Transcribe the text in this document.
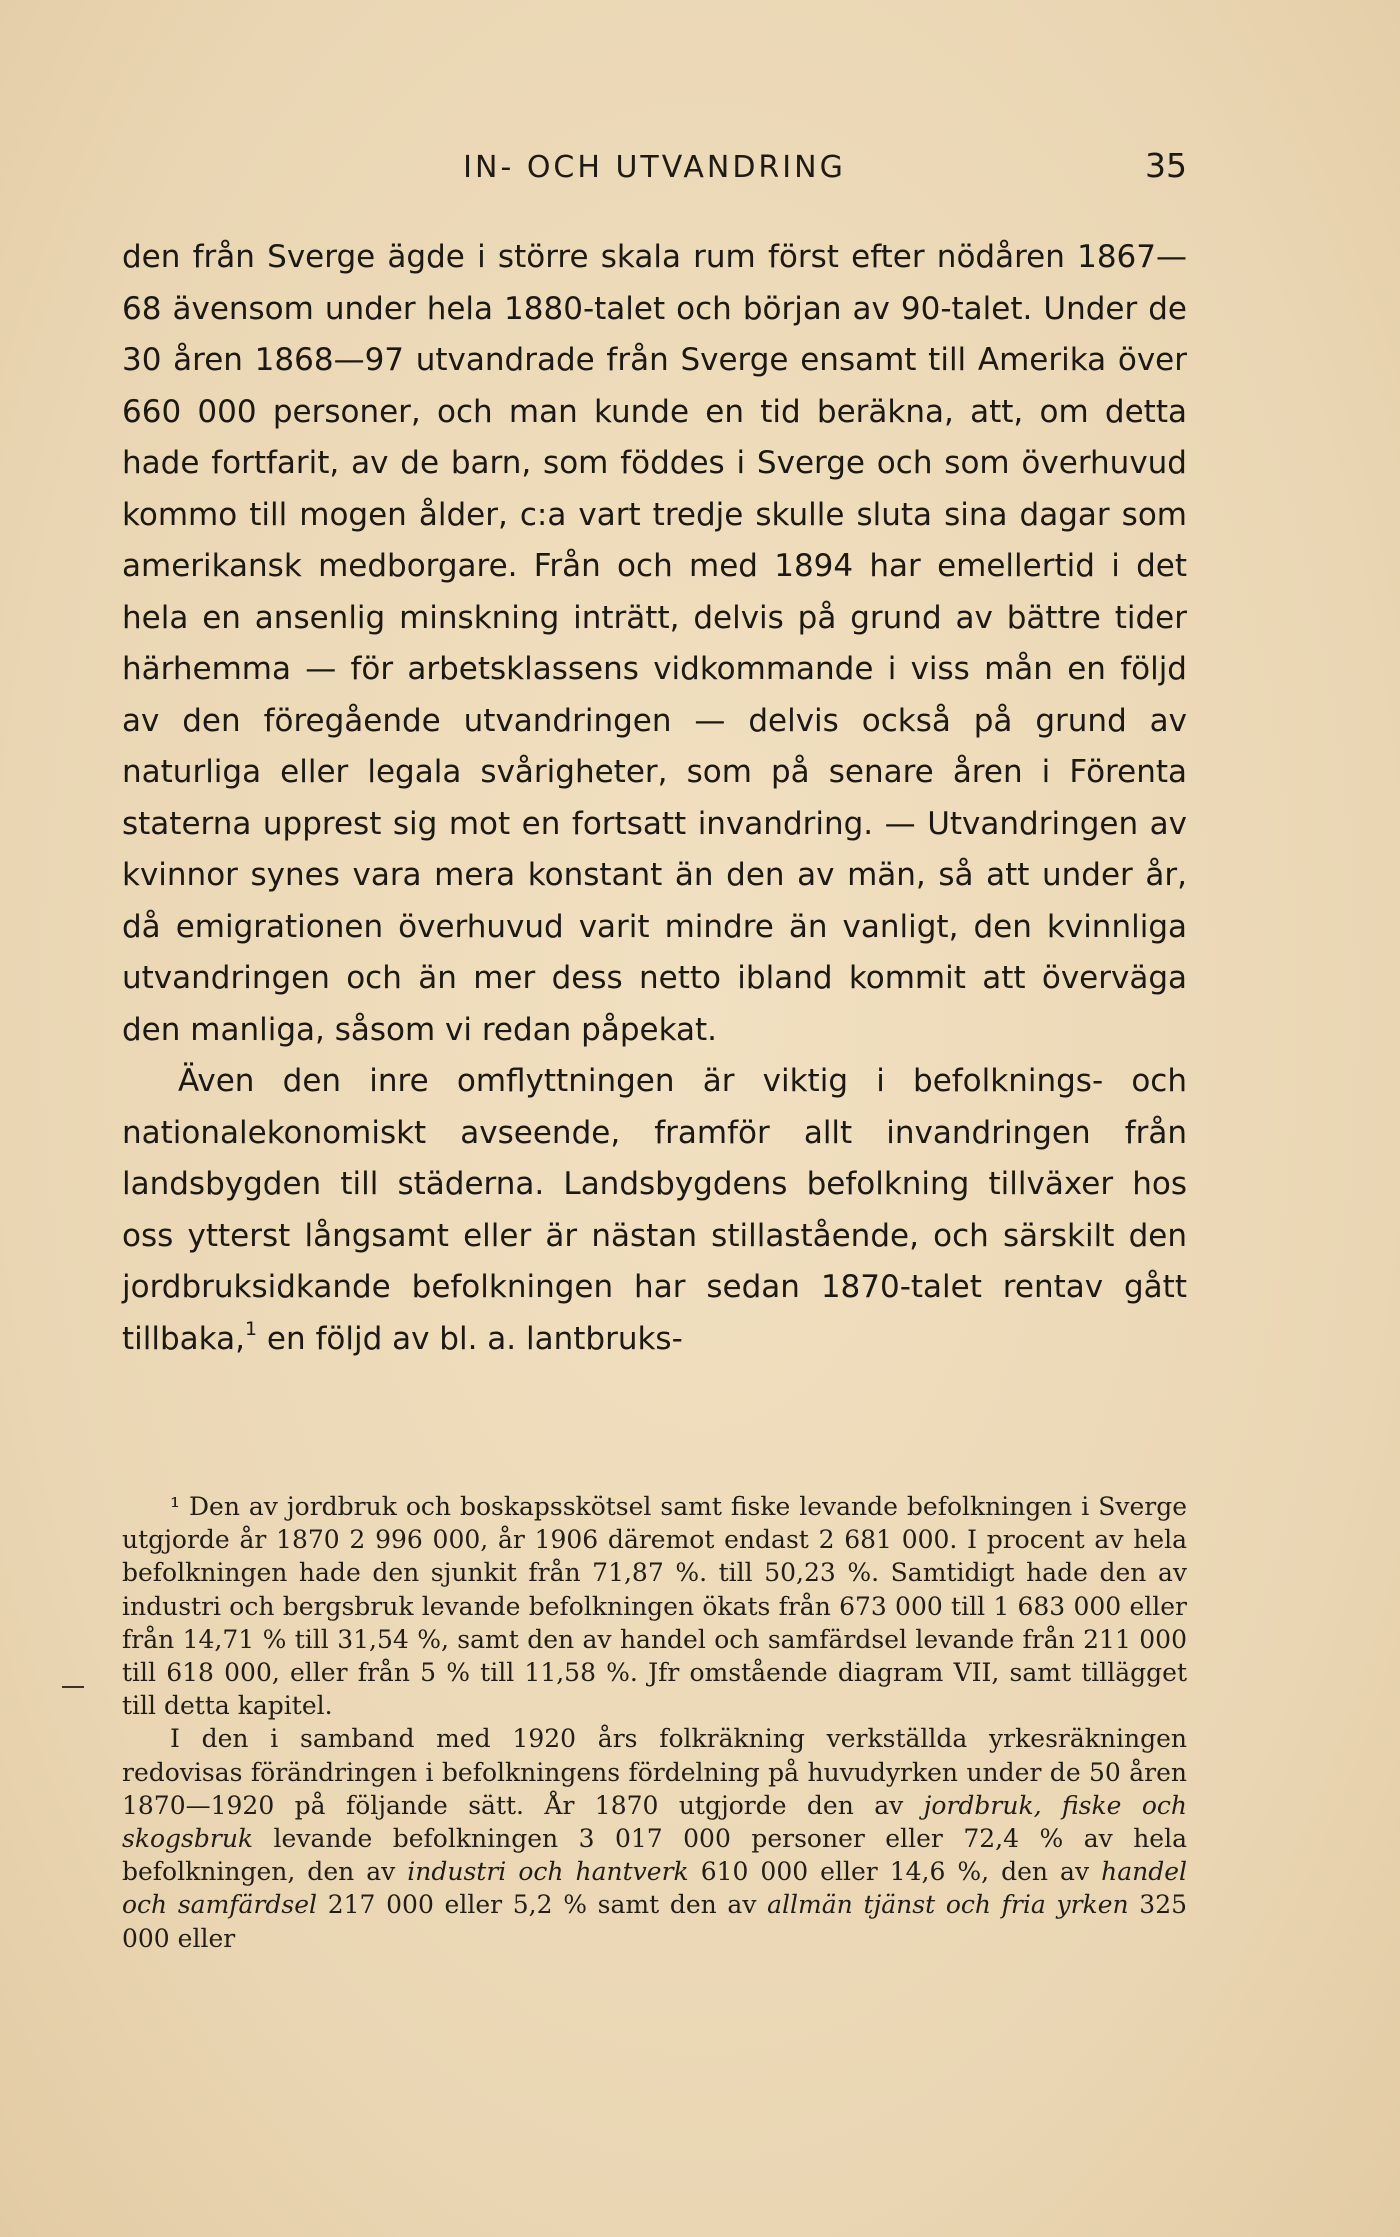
IN- OCH UTVANDRING	35

den från Sverge ägde i större skala rum först efter nödåren 1867—68 ävensom under hela 1880-talet och början av 90-talet. Under de 30 åren 1868—97 utvandrade från Sverge ensamt till Amerika över 660 000 personer, och man kunde en tid beräkna, att, om detta hade fortfarit, av de barn, som föddes i Sverge och som överhuvud kommo till mogen ålder, c:a vart tredje skulle sluta sina dagar som amerikansk medborgare. Från och med 1894 har emellertid i det hela en ansenlig minskning inträtt, delvis på grund av bättre tider härhemma — för arbetsklassens vidkommande i viss mån en följd av den föregående utvandringen — delvis också på grund av naturliga eller legala svårigheter, som på senare åren i Förenta staterna upprest sig mot en fortsatt invandring. — Utvandringen av kvinnor synes vara mera konstant än den av män, så att under år, då emigrationen överhuvud varit mindre än vanligt, den kvinnliga utvandringen och än mer dess netto ibland kommit att överväga den manliga, såsom vi redan påpekat.

Även den inre omflyttningen är viktig i befolknings- och nationalekonomiskt avseende, framför allt invandringen från landsbygden till städerna. Landsbygdens befolkning tillväxer hos oss ytterst långsamt eller är nästan stillastående, och särskilt den jordbruksidkande befolkningen har sedan 1870-talet rentav gått tillbaka,$^1$ en följd av bl. a. lantbruks-

¹ Den av jordbruk och boskapsskötsel samt fiske levande befolkningen i Sverge utgjorde år 1870 2 996 000, år 1906 däremot endast 2 681 000. I procent av hela befolkningen hade den sjunkit från 71,87 %. till 50,23 %. Samtidigt hade den av industri och bergsbruk levande befolkningen ökats från 673 000 till 1 683 000 eller från 14,71 % till 31,54 %, samt den av handel och samfärdsel levande från 211 000 till 618 000, eller från 5 % till 11,58 %. Jfr omstående diagram VII, samt tillägget till detta kapitel.

I den i samband med 1920 års folkräkning verkställda yrkesräkningen redovisas förändringen i befolkningens fördelning på huvudyrken under de 50 åren 1870—1920 på följande sätt. År 1870 utgjorde den av jordbruk, fiske och skogsbruk levande befolkningen 3 017 000 personer eller 72,4 % av hela befolkningen, den av industri och hantverk 610 000 eller 14,6 %, den av handel och samfärdsel 217 000 eller 5,2 % samt den av allmän tjänst och fria yrken 325 000 eller
